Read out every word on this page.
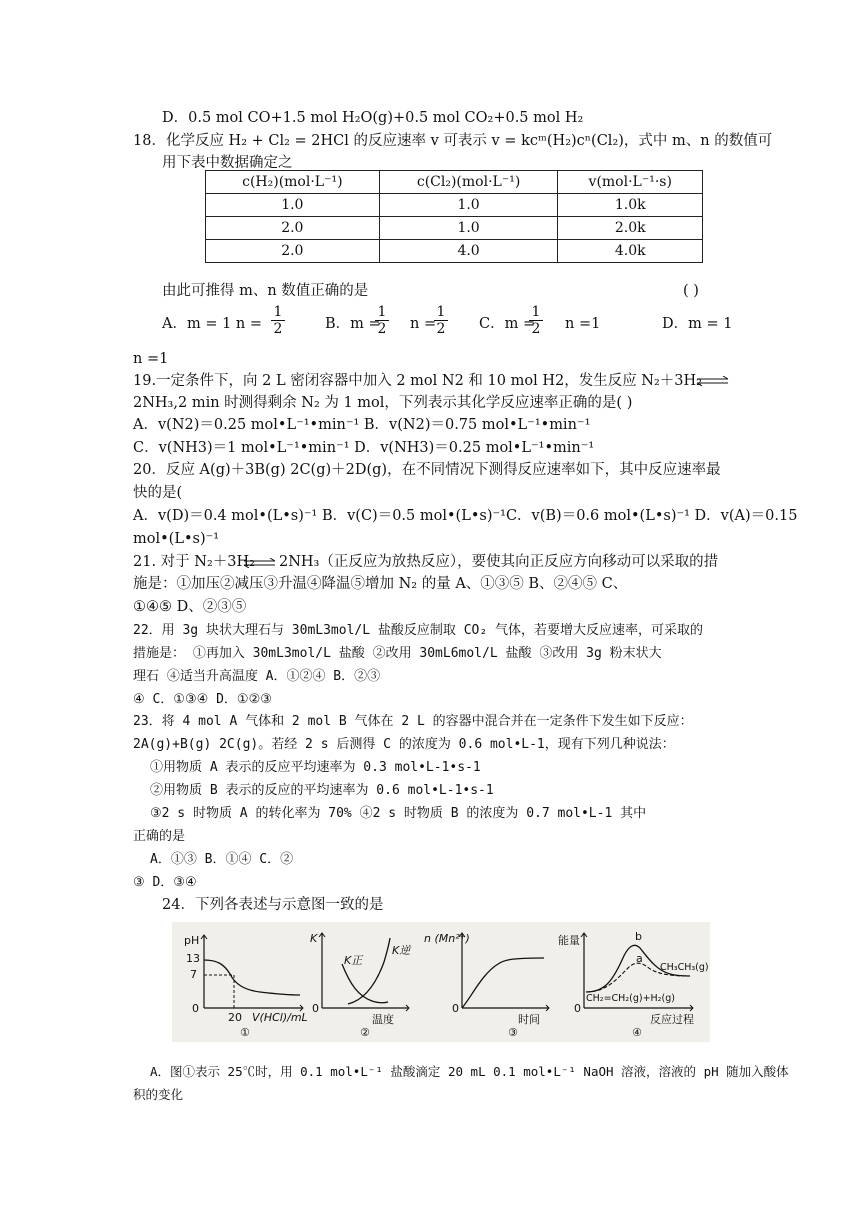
D．0.5 mol CO+1.5 mol H₂O(g)+0.5 mol CO₂+0.5 mol H₂
18．化学反应 H₂ + Cl₂ = 2HCl 的反应速率 v 可表示 v = kcᵐ(H₂)cⁿ(Cl₂)，式中 m、n 的数值可
用下表中数据确定之
c(H₂)(mol·L⁻¹)	c(Cl₂)(mol·L⁻¹)	v(mol·L⁻¹·s)
1.0	1.0	1.0k
2.0	1.0	2.0k
2.0	4.0	4.0k
由此可推得 m、n 数值正确的是	( )
A．m = 1 $n = \frac{1}{2}$	B．m =
$\frac{1}{2}$ n =
$\frac{1}{2}$ C．m =
$\frac{1}{2}$ n =1	D．m = 1
n =1
19.一定条件下，向 2 L 密闭容器中加入 2 mol N2 和 10 mol H2，发生反应 N₂＋3H₂
2NH₃,2 min 时测得剩余 N₂ 为 1 mol，下列表示其化学反应速率正确的是( )
A．v(N2)＝0.25 mol•L⁻¹•min⁻¹ B．v(N2)＝0.75 mol•L⁻¹•min⁻¹
C．v(NH3)＝1 mol•L⁻¹•min⁻¹ D．v(NH3)＝0.25 mol•L⁻¹•min⁻¹
20．反应 A(g)＋3B(g) 2C(g)＋2D(g)，在不同情况下测得反应速率如下，其中反应速率最
快的是(
A．v(D)＝0.4 mol•(L•s)⁻¹ B．v(C)＝0.5 mol•(L•s)⁻¹C．v(B)＝0.6 mol•(L•s)⁻¹ D．v(A)＝0.15
mol•(L•s)⁻¹
21. 对于 N₂＋3H₂ ⇌ 2NH₃（正反应为放热反应），要使其向正反应方向移动可以采取的措
施是：①加压②减压③升温④降温⑤增加 N₂ 的量 A、①③⑤ B、②④⑤ C、
①④⑤ D、②③⑤
22．用 3g 块状大理石与 30mL3mol/L 盐酸反应制取 CO₂ 气体，若要增大反应速率，可采取的
措施是： ①再加入 30mL3mol/L 盐酸 ②改用 30mL6mol/L 盐酸 ③改用 3g 粉末状大
理石 ④适当升高温度 A．①②④ B．②③
④ C．①③④ D．①②③
23．将 4 mol A 气体和 2 mol B 气体在 2 L 的容器中混合并在一定条件下发生如下反应：
2A(g)+B(g) 2C(g)。若经 2 s 后测得 C 的浓度为 0.6 mol•L-1，现有下列几种说法：
①用物质 A 表示的反应平均速率为 0.3 mol•L-1•s-1
②用物质 B 表示的反应的平均速率为 0.6 mol•L-1•s-1
③2 s 时物质 A 的转化率为 70% ④2 s 时物质 B 的浓度为 0.7 mol•L-1 其中
正确的是
A．①③ B．①④ C．②
③ D．③④
24．下列各表述与示意图一致的是
pH
13
7
0
20 V(HCl)/mL
①
K
K逆
K正
0
温度
②
n (Mn²⁺)
0
时间
③
能量	b
a
CH₃CH₃(g)
CH₂=CH₂(g)+H₂(g)
0
反应过程
④
A．图①表示 25℃时，用 0.1 mol•L⁻¹ 盐酸滴定 20 mL 0.1 mol•L⁻¹ NaOH 溶液，溶液的 pH 随加入酸体
积的变化
